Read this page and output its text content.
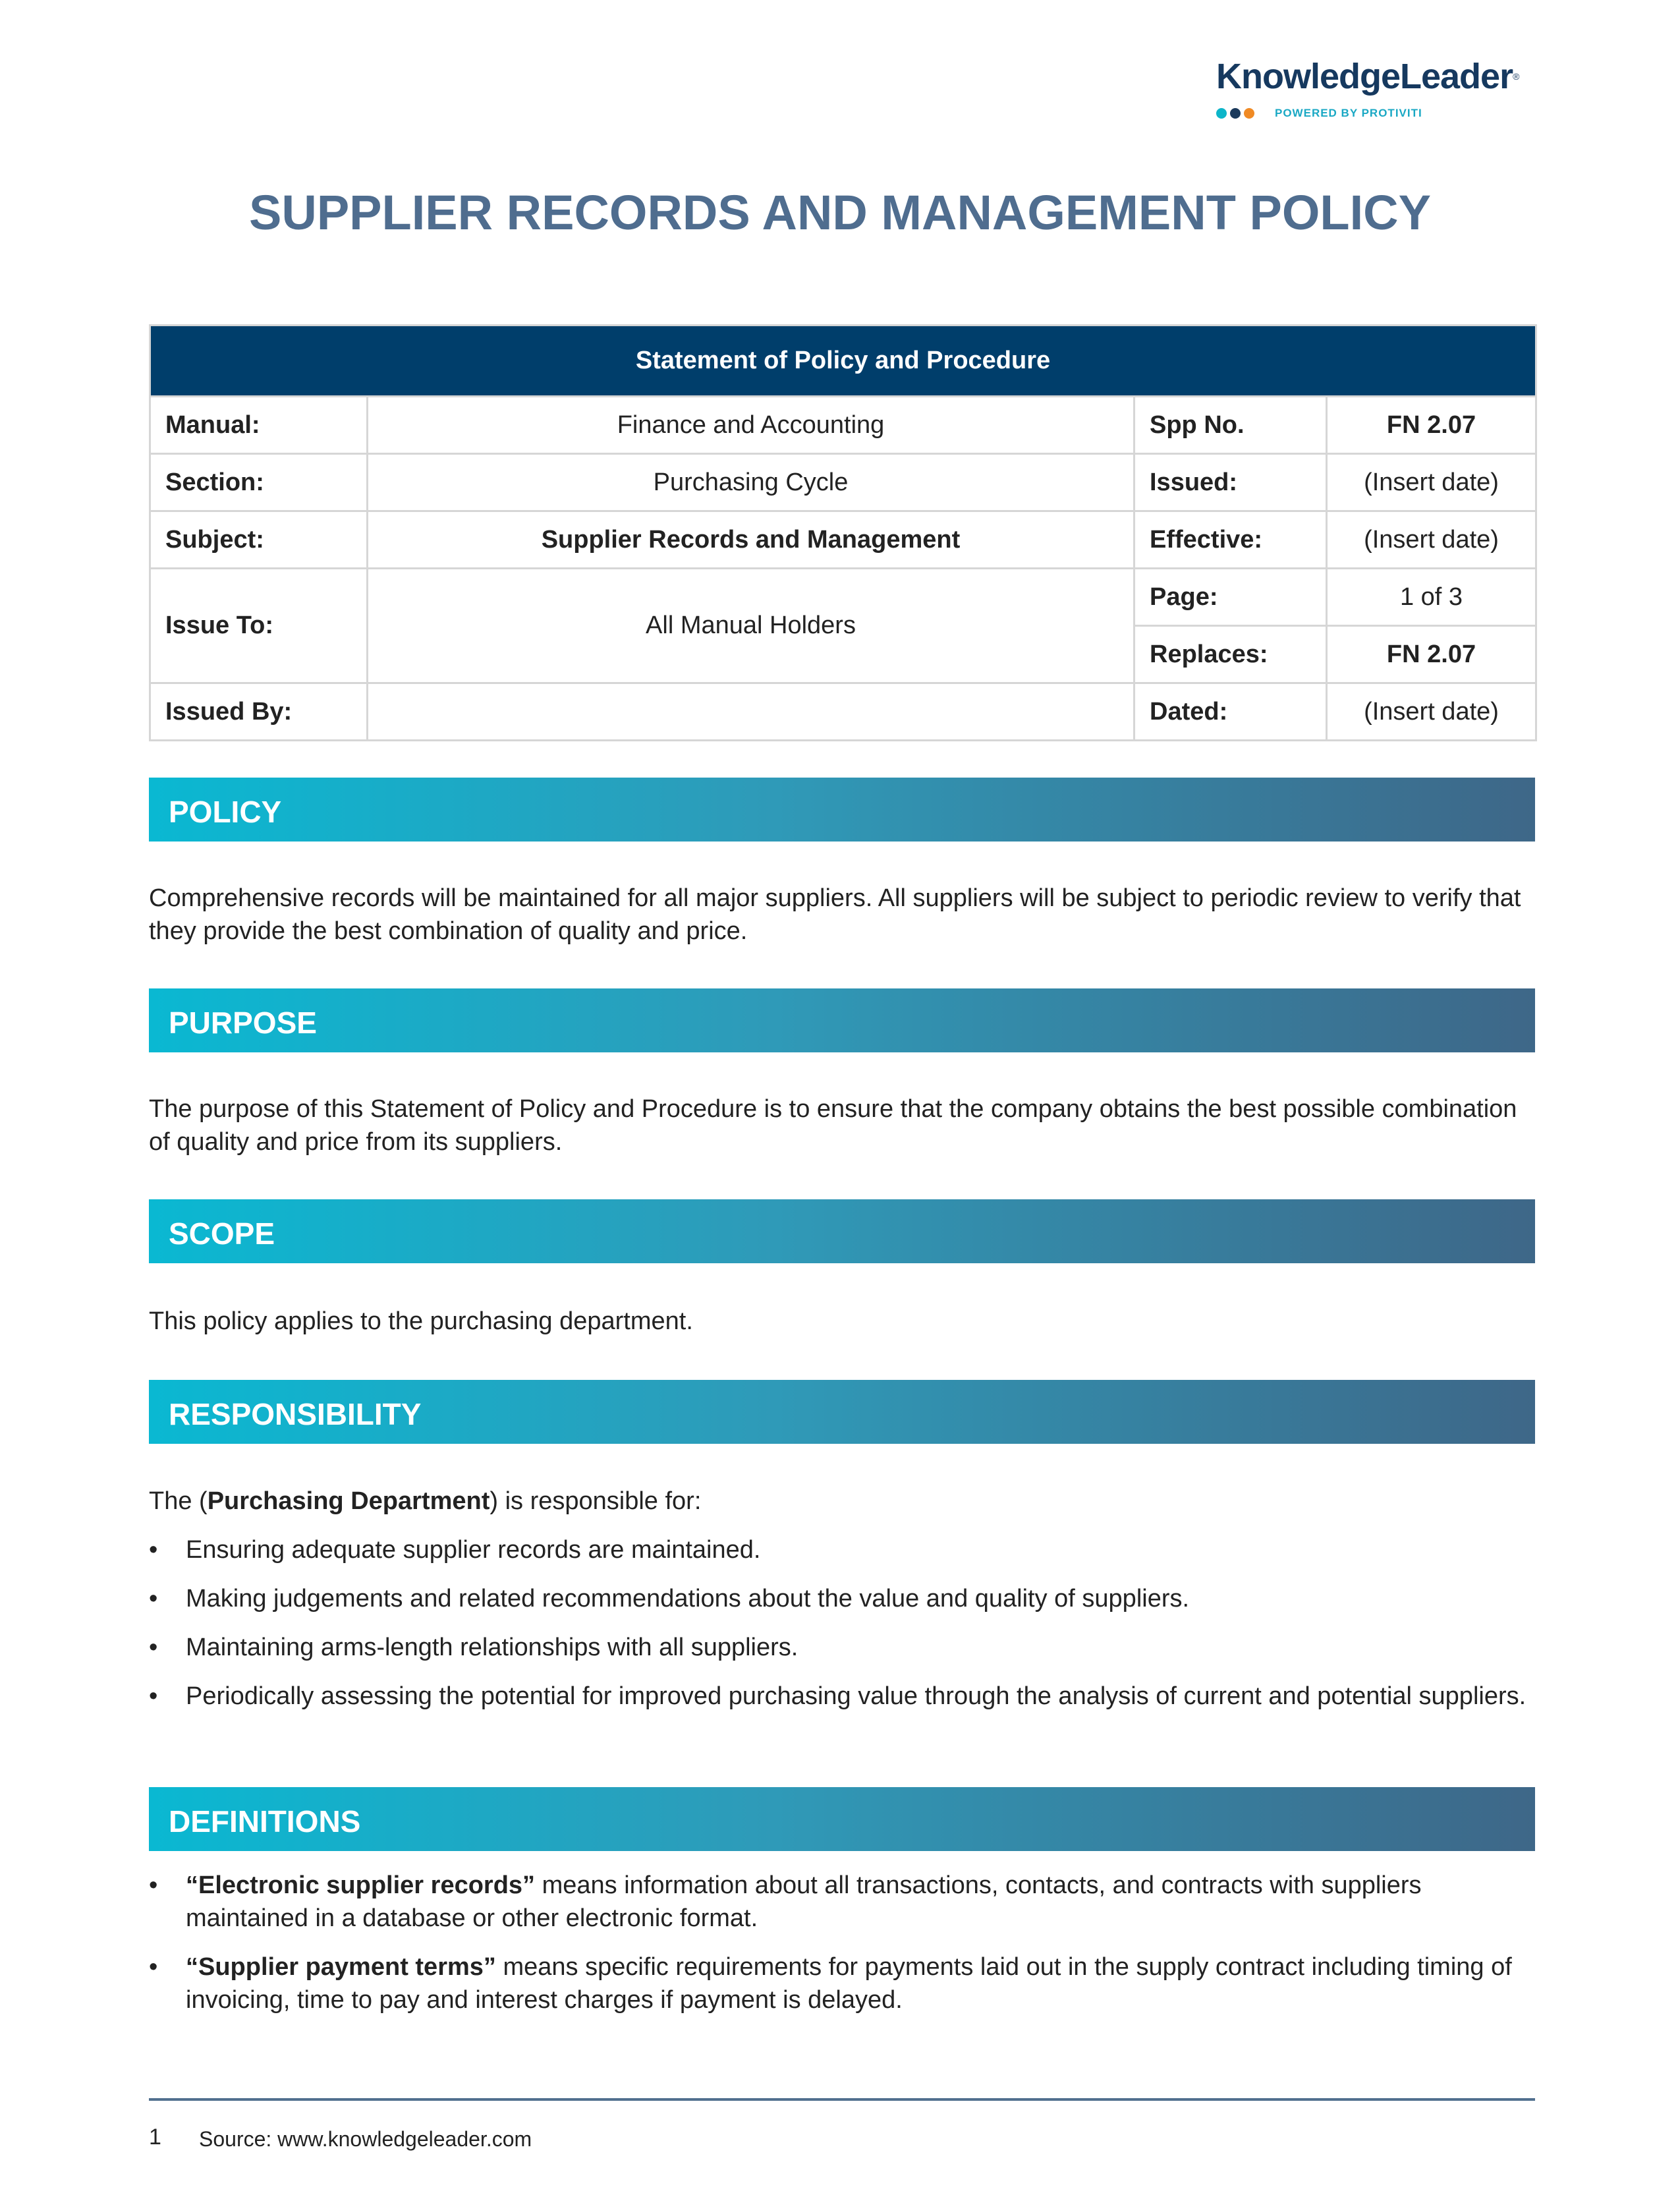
KnowledgeLeader®
POWERED BY PROTIVITI
SUPPLIER RECORDS AND MANAGEMENT POLICY
Statement of Policy and Procedure			
Manual:	Finance and Accounting	Spp No.	FN 2.07
Section:	Purchasing Cycle	Issued:	(Insert date)
Subject:	Supplier Records and Management	Effective:	(Insert date)
Issue To:	All Manual Holders	Page:	1 of 3
		Replaces:	FN 2.07
Issued By:		Dated:	(Insert date)
POLICY
Comprehensive records will be maintained for all major suppliers. All suppliers will be subject to periodic review to verify that they provide the best combination of quality and price.
PURPOSE
The purpose of this Statement of Policy and Procedure is to ensure that the company obtains the best possible combination of quality and price from its suppliers.
SCOPE
This policy applies to the purchasing department.
RESPONSIBILITY
The (Purchasing Department) is responsible for:
• Ensuring adequate supplier records are maintained.
• Making judgements and related recommendations about the value and quality of suppliers.
• Maintaining arms-length relationships with all suppliers.
• Periodically assessing the potential for improved purchasing value through the analysis of current and potential suppliers.
DEFINITIONS
• “Electronic supplier records” means information about all transactions, contacts, and contracts with suppliers maintained in a database or other electronic format.
• “Supplier payment terms” means specific requirements for payments laid out in the supply contract including timing of invoicing, time to pay and interest charges if payment is delayed.
1 Source: www.knowledgeleader.com
